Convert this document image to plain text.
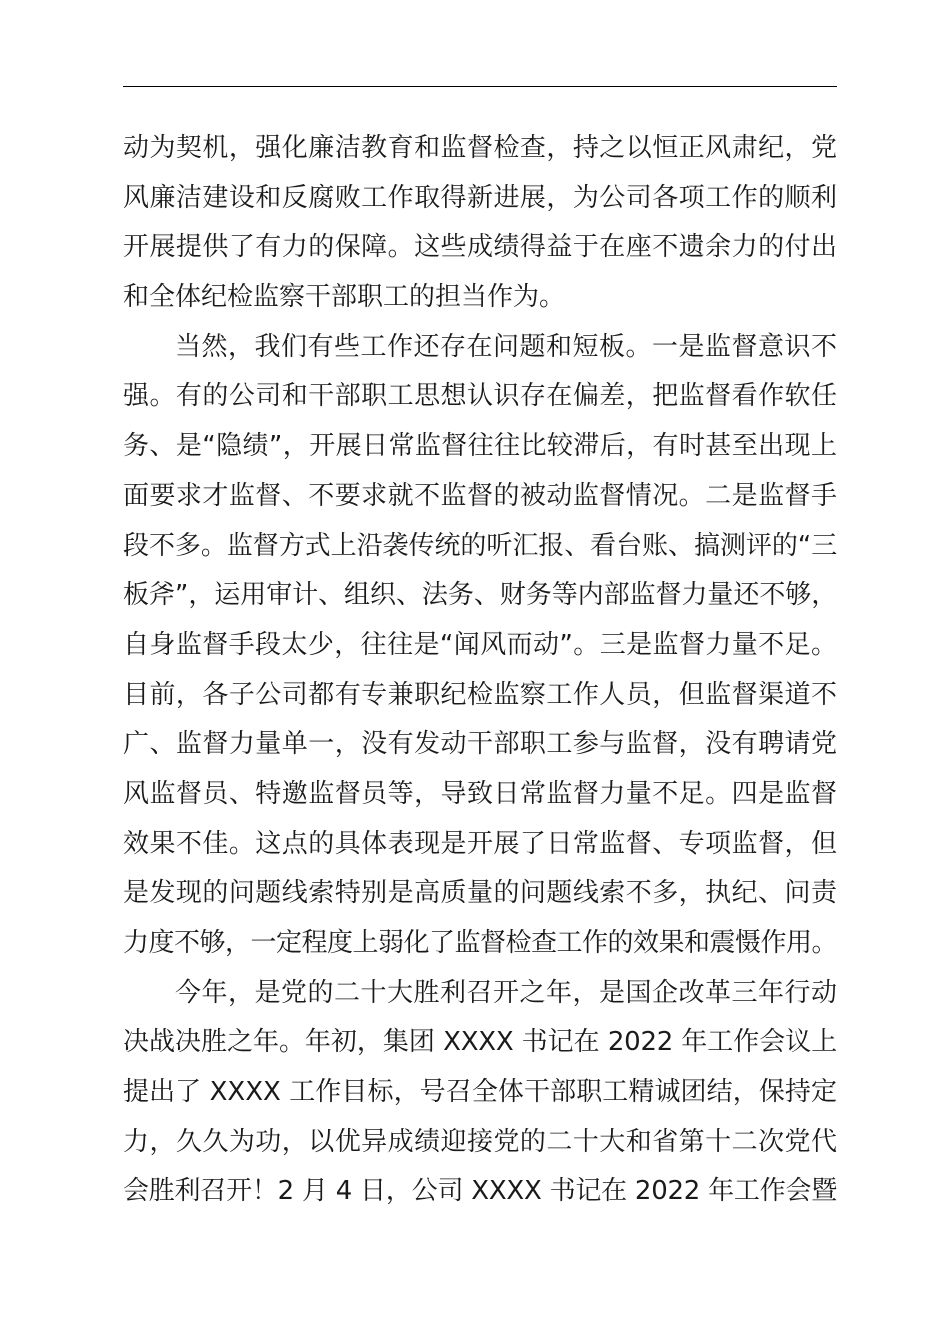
动为契机，强化廉洁教育和监督检查，持之以恒正风肃纪，党
风廉洁建设和反腐败工作取得新进展，为公司各项工作的顺利
开展提供了有力的保障。这些成绩得益于在座不遗余力的付出
和全体纪检监察干部职工的担当作为。
当然，我们有些工作还存在问题和短板。一是监督意识不
强。有的公司和干部职工思想认识存在偏差，把监督看作软任
务、是“隐绩”，开展日常监督往往比较滞后，有时甚至出现上
面要求才监督、不要求就不监督的被动监督情况。二是监督手
段不多。监督方式上沿袭传统的听汇报、看台账、搞测评的“三
板斧”，运用审计、组织、法务、财务等内部监督力量还不够，
自身监督手段太少，往往是“闻风而动”。三是监督力量不足。
目前，各子公司都有专兼职纪检监察工作人员，但监督渠道不
广、监督力量单一，没有发动干部职工参与监督，没有聘请党
风监督员、特邀监督员等，导致日常监督力量不足。四是监督
效果不佳。这点的具体表现是开展了日常监督、专项监督，但
是发现的问题线索特别是高质量的问题线索不多，执纪、问责
力度不够，一定程度上弱化了监督检查工作的效果和震慑作用。
今年，是党的二十大胜利召开之年，是国企改革三年行动
决战决胜之年。年初，集团 XXXX 书记在 2022 年工作会议上
提出了 XXXX 工作目标，号召全体干部职工精诚团结，保持定
力，久久为功，以优异成绩迎接党的二十大和省第十二次党代
会胜利召开！2 月 4 日，公司 XXXX 书记在 2022 年工作会暨
